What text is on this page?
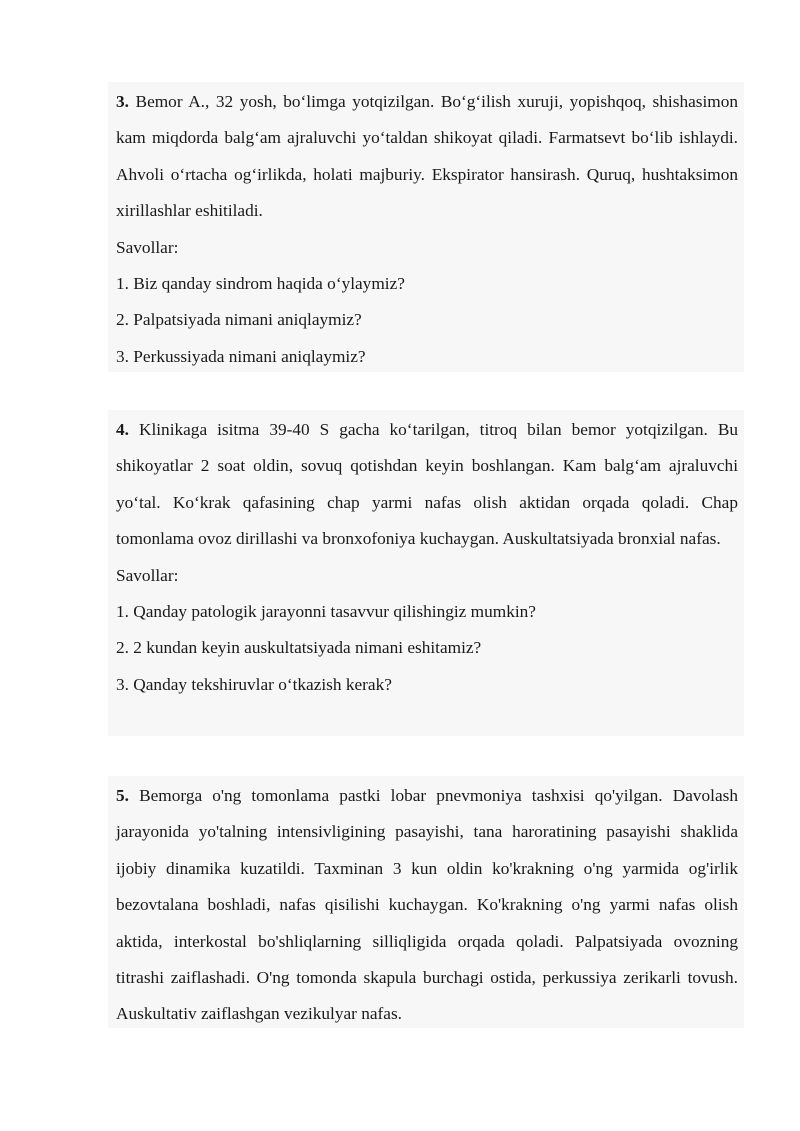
3. Bemor A., 32 yosh, bo‘limga yotqizilgan. Bo‘g‘ilish xuruji, yopishqoq, shishasimon kam miqdorda balg‘am ajraluvchi yo‘taldan shikoyat qiladi. Farmatsevt bo‘lib ishlaydi. Ahvoli o‘rtacha og‘irlikda, holati majburiy. Ekspirator hansirash. Quruq, hushtaksimon xirillashlar eshitiladi.

Savollar:

1. Biz qanday sindrom haqida o‘ylaymiz?

2. Palpatsiyada nimani aniqlaymiz?

3. Perkussiyada nimani aniqlaymiz?

4. Klinikaga isitma 39-40 S gacha ko‘tarilgan, titroq bilan bemor yotqizilgan. Bu shikoyatlar 2 soat oldin, sovuq qotishdan keyin boshlangan. Kam balg‘am ajraluvchi yo‘tal. Ko‘krak qafasining chap yarmi nafas olish aktidan orqada qoladi. Chap tomonlama ovoz dirillashi va bronxofoniya kuchaygan. Auskultatsiyada bronxial nafas.

Savollar:

1. Qanday patologik jarayonni tasavvur qilishingiz mumkin?

2. 2 kundan keyin auskultatsiyada nimani eshitamiz?

3. Qanday tekshiruvlar o‘tkazish kerak?

5. Bemorga o'ng tomonlama pastki lobar pnevmoniya tashxisi qo'yilgan. Davolash jarayonida yo'talning intensivligining pasayishi, tana haroratining pasayishi shaklida ijobiy dinamika kuzatildi. Taxminan 3 kun oldin ko'krakning o'ng yarmida og'irlik bezovtalana boshladi, nafas qisilishi kuchaygan. Ko'krakning o'ng yarmi nafas olish aktida, interkostal bo'shliqlarning silliqligida orqada qoladi. Palpatsiyada ovozning titrashi zaiflashadi. O'ng tomonda skapula burchagi ostida, perkussiya zerikarli tovush. Auskultativ zaiflashgan vezikulyar nafas.
